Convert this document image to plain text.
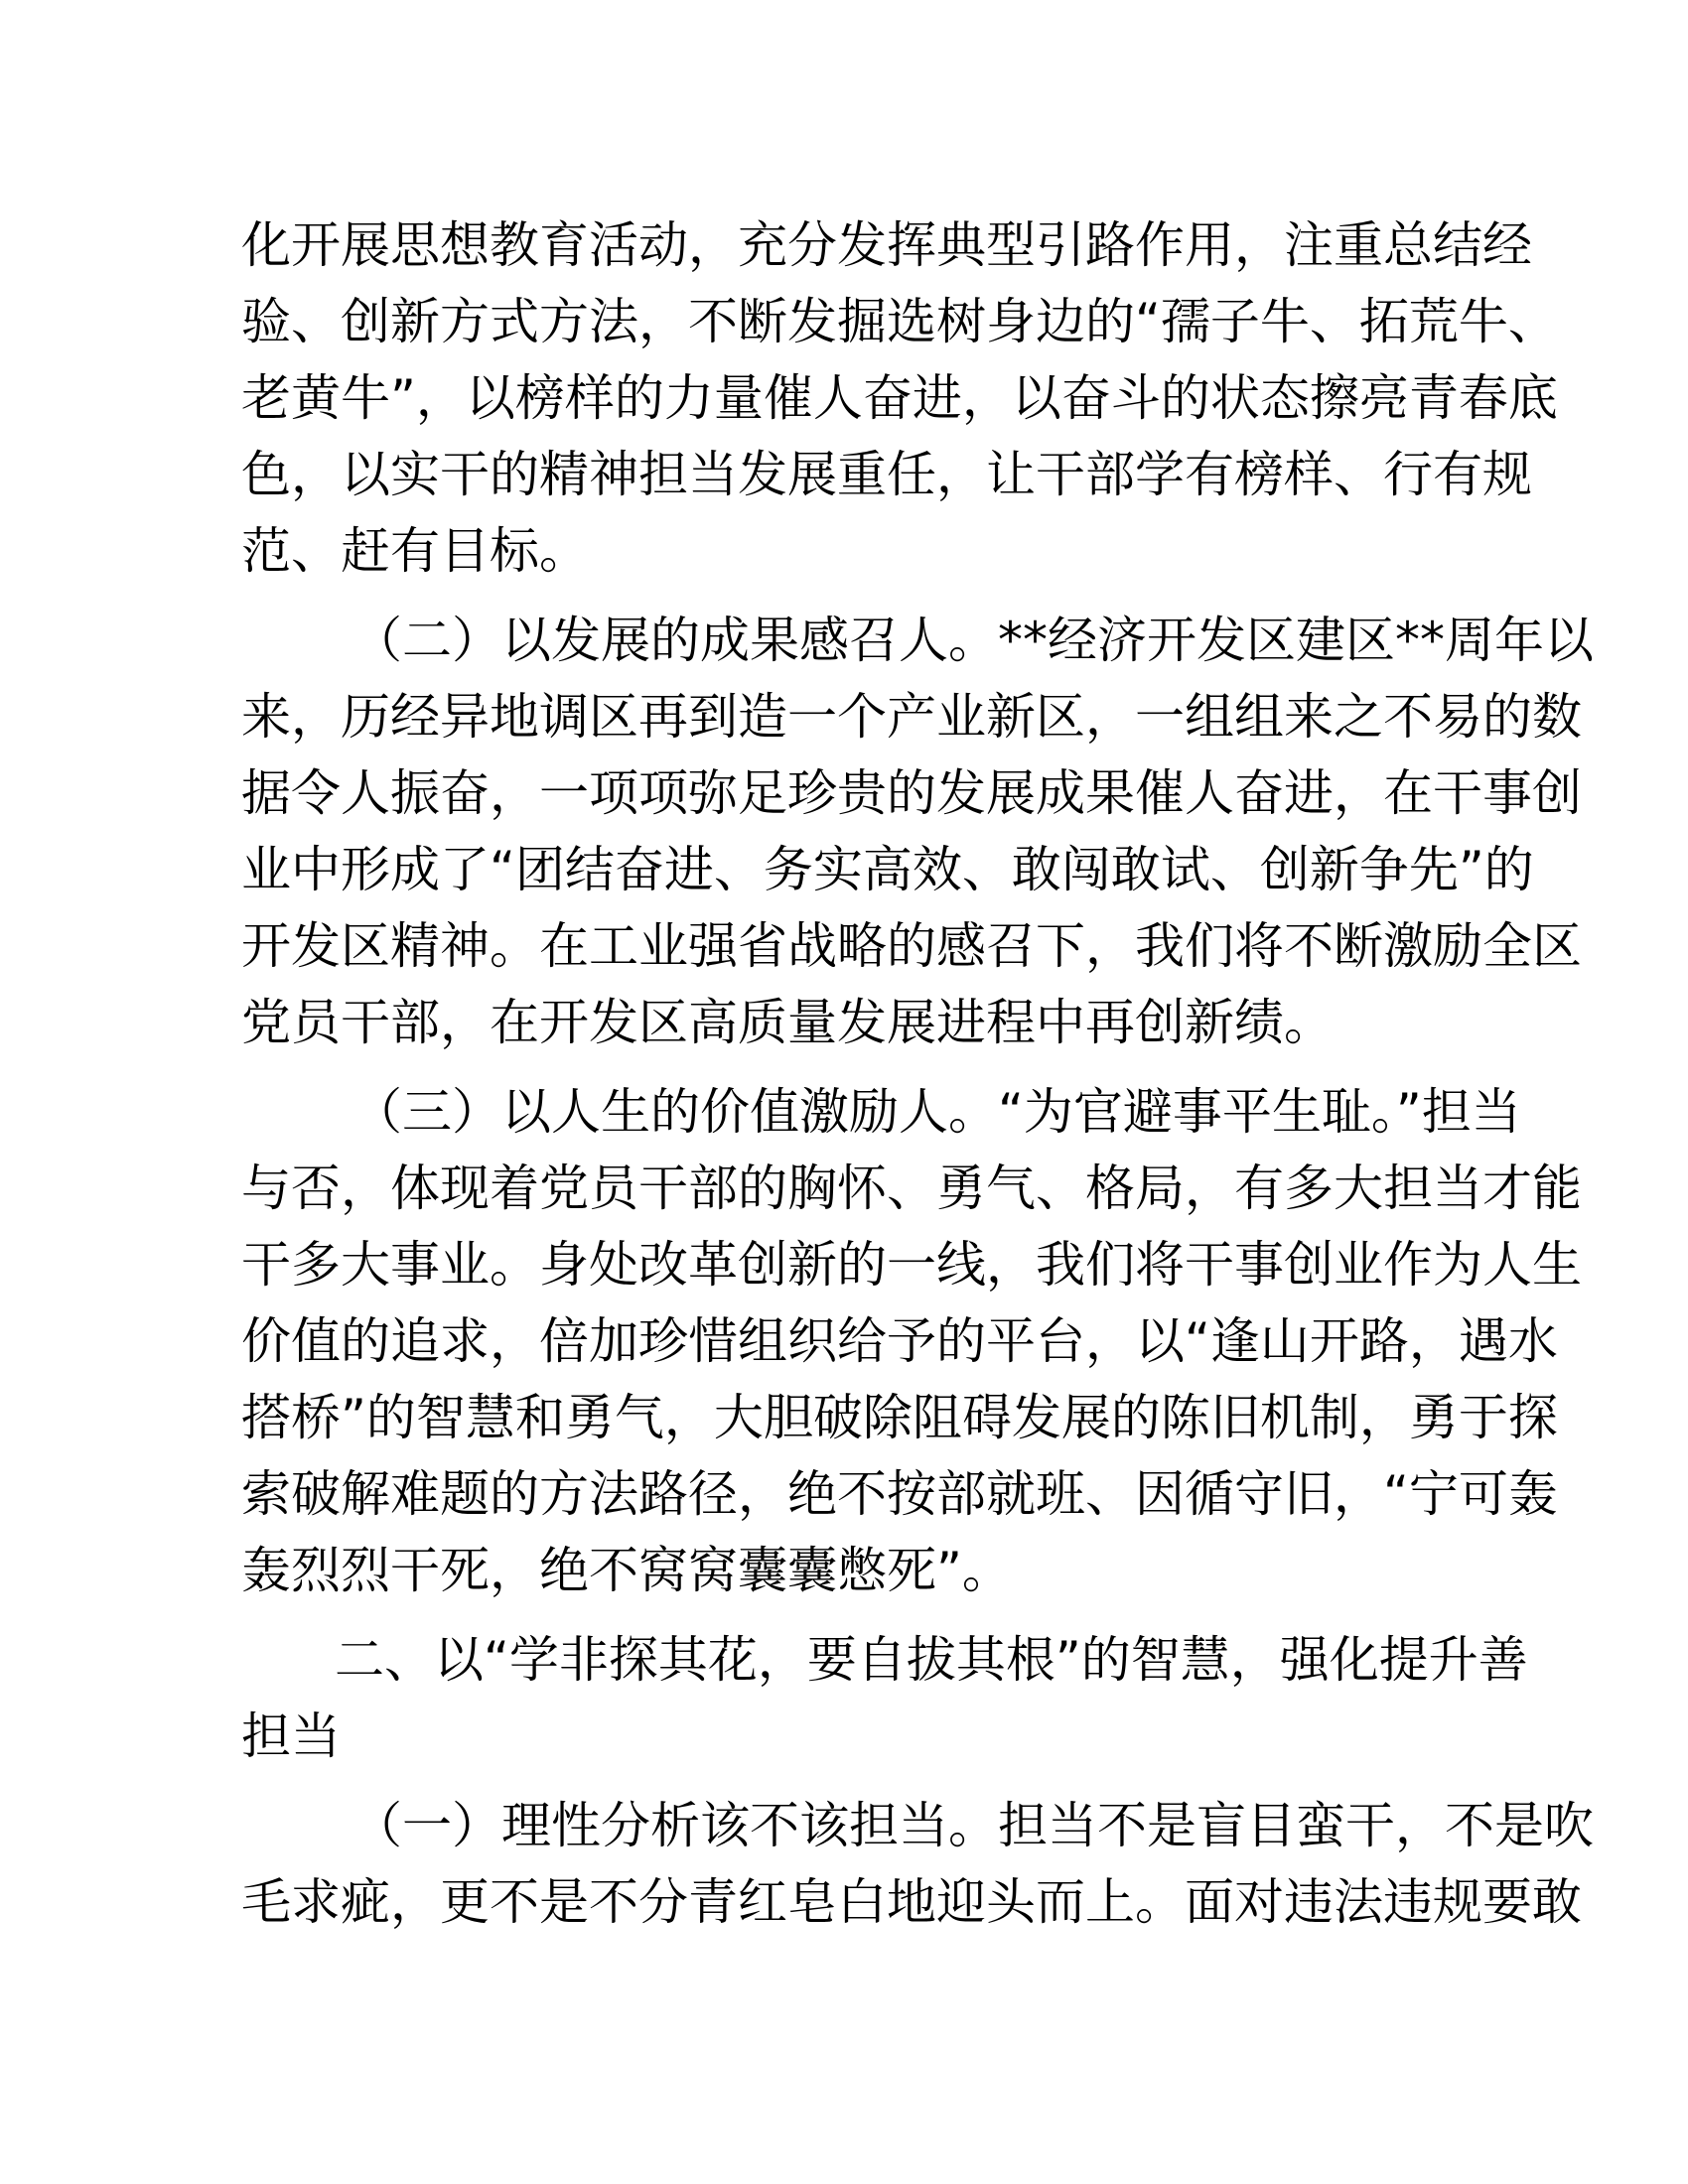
化开展思想教育活动，充分发挥典型引路作用，注重总结经
验、创新方式方法，不断发掘选树身边的“孺子牛、拓荒牛、
老黄牛”，以榜样的力量催人奋进，以奋斗的状态擦亮青春底
色，以实干的精神担当发展重任，让干部学有榜样、行有规
范、赶有目标。
（二）以发展的成果感召人。**经济开发区建区**周年以
来，历经异地调区再到造一个产业新区，一组组来之不易的数
据令人振奋，一项项弥足珍贵的发展成果催人奋进，在干事创
业中形成了“团结奋进、务实高效、敢闯敢试、创新争先”的
开发区精神。在工业强省战略的感召下，我们将不断激励全区
党员干部，在开发区高质量发展进程中再创新绩。
（三）以人生的价值激励人。“为官避事平生耻。”担当
与否，体现着党员干部的胸怀、勇气、格局，有多大担当才能
干多大事业。身处改革创新的一线，我们将干事创业作为人生
价值的追求，倍加珍惜组织给予的平台，以“逢山开路，遇水
搭桥”的智慧和勇气，大胆破除阻碍发展的陈旧机制，勇于探
索破解难题的方法路径，绝不按部就班、因循守旧，“宁可轰
轰烈烈干死，绝不窝窝囊囊憋死”。
二、以“学非探其花，要自拔其根”的智慧，强化提升善
担当
（一）理性分析该不该担当。担当不是盲目蛮干，不是吹
毛求疵，更不是不分青红皂白地迎头而上。面对违法违规要敢
